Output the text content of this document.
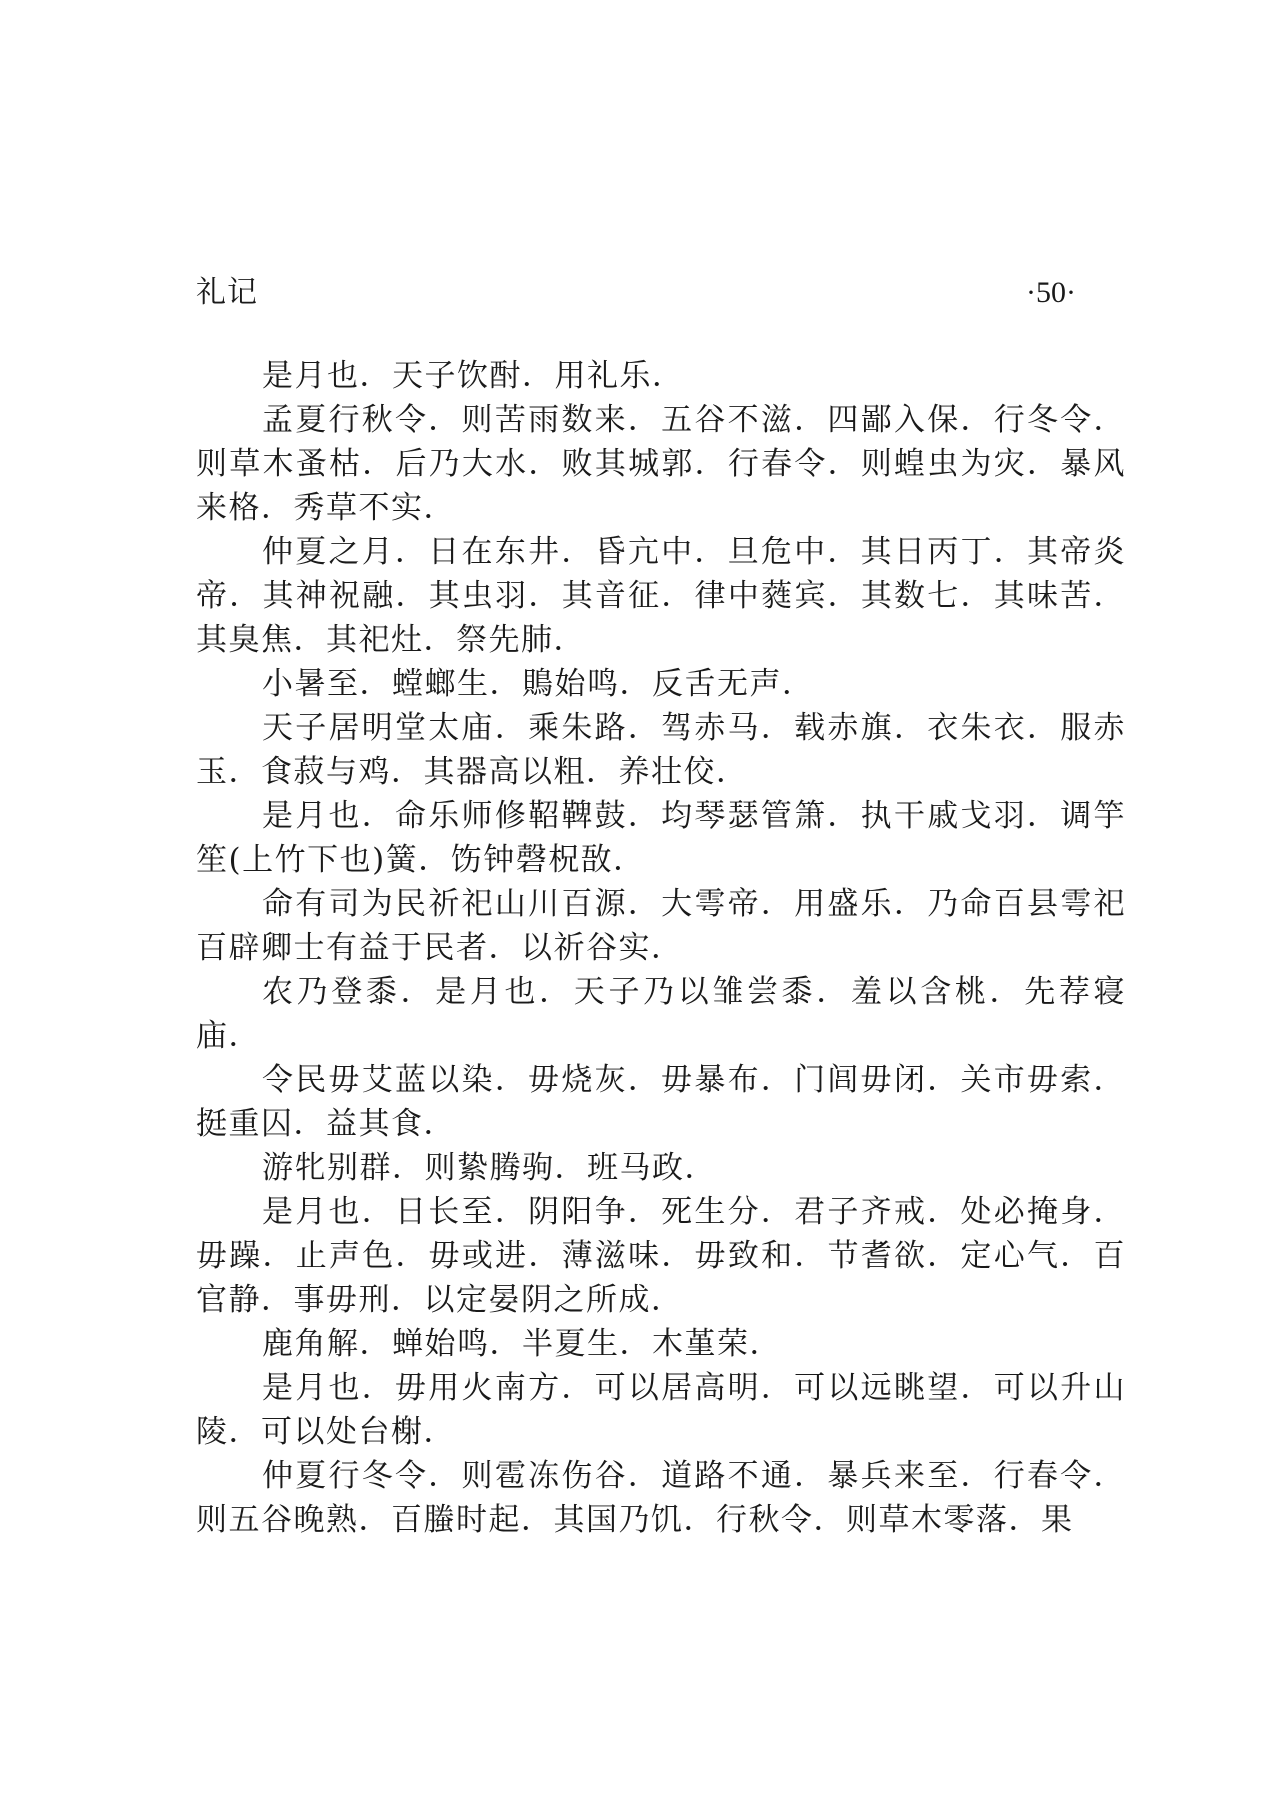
礼记	·50·

是月也．天子饮酎．用礼乐．

孟夏行秋令．则苦雨数来．五谷不滋．四鄙入保．行冬令．则草木蚤枯．后乃大水．败其城郭．行春令．则蝗虫为灾．暴风来格．秀草不实．

仲夏之月．日在东井．昏亢中．旦危中．其日丙丁．其帝炎帝．其神祝融．其虫羽．其音征．律中蕤宾．其数七．其味苦．其臭焦．其祀灶．祭先肺．

小暑至．螳螂生．鵙始鸣．反舌无声．

天子居明堂太庙．乘朱路．驾赤马．载赤旗．衣朱衣．服赤玉．食菽与鸡．其器高以粗．养壮佼．

是月也．命乐师修鞀鞞鼓．均琴瑟管箫．执干戚戈羽．调竽笙(上竹下也)簧．饬钟磬柷敔．

命有司为民祈祀山川百源．大雩帝．用盛乐．乃命百县雩祀百辟卿士有益于民者．以祈谷实．

农乃登黍．是月也．天子乃以雏尝黍．羞以含桃．先荐寝庙．

令民毋艾蓝以染．毋烧灰．毋暴布．门闾毋闭．关市毋索．挺重囚．益其食．

游牝别群．则絷腾驹．班马政．

是月也．日长至．阴阳争．死生分．君子齐戒．处必掩身．毋躁．止声色．毋或进．薄滋味．毋致和．节耆欲．定心气．百官静．事毋刑．以定晏阴之所成．

鹿角解．蝉始鸣．半夏生．木堇荣．

是月也．毋用火南方．可以居高明．可以远眺望．可以升山陵．可以处台榭．

仲夏行冬令．则雹冻伤谷．道路不通．暴兵来至．行春令．则五谷晚熟．百螣时起．其国乃饥．行秋令．则草木零落．果
